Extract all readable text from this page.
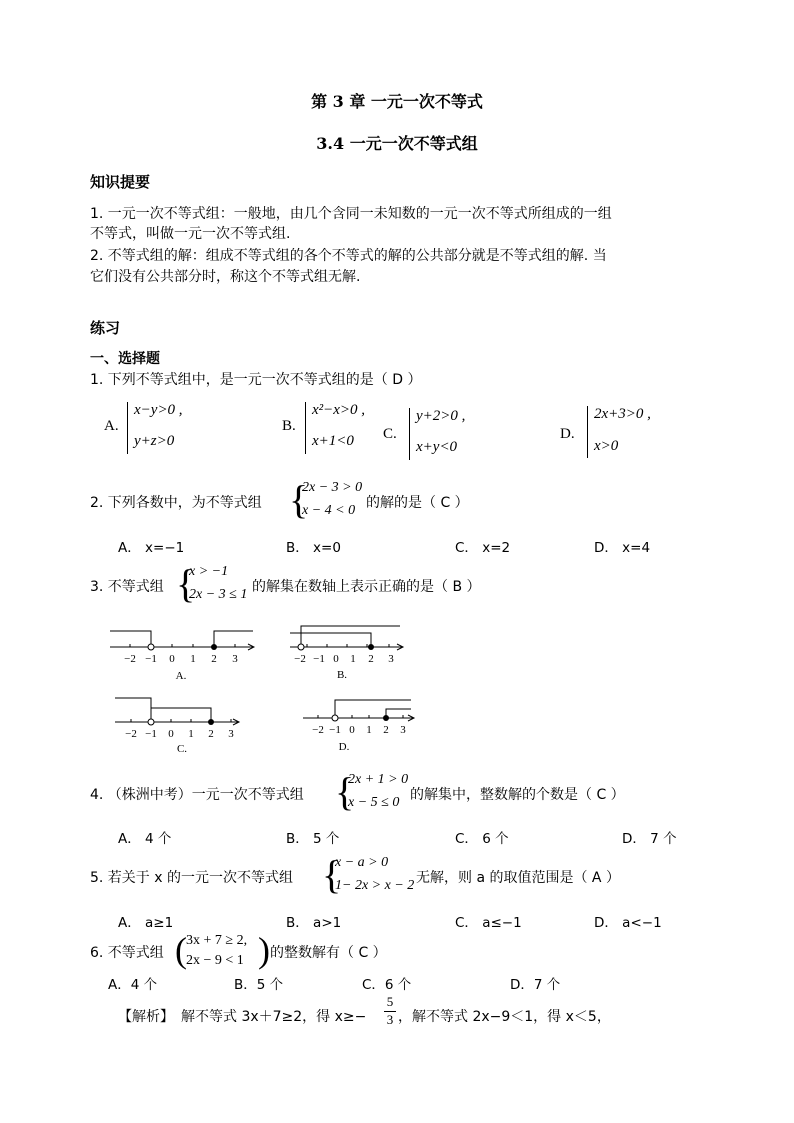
第 3 章 一元一次不等式
3.4 一元一次不等式组
知识提要
1. 一元一次不等式组：一般地，由几个含同一未知数的一元一次不等式所组成的一组
不等式，叫做一元一次不等式组.
2. 不等式组的解：组成不等式组的各个不等式的解的公共部分就是不等式组的解. 当
它们没有公共部分时，称这个不等式组无解.
练习
一、选择题
1. 下列不等式组中，是一元一次不等式组的是（ D ）
A.
x−y>0 ,
y+z>0
B.
x²−x>0 ,
x+1<0 C.
y+2>0 ,
x+y<0
D.
2x+3>0 ,
x>0
2. 下列各数中，为不等式组 {
2x − 3 > 0
x − 4 < 0 的解的是（ C ）
A． x=−1	B． x=0	C． x=2	D． x=4
3. 不等式组 {
x > −1
2x − 3 ≤ 1 的解集在数轴上表示正确的是（ B ）
−2 −1 0 1 2 3
A.
−2 −1 0 1 2 3
B.
−2 −1 0 1 2 3
C.
−2 −1 0 1 2 3
D.
4. （株洲中考）一元一次不等式组 {
2x + 1 > 0
x − 5 ≤ 0 的解集中，整数解的个数是（ C ）
A． 4 个	B． 5 个	C． 6 个	D． 7 个
5. 若关于 x 的一元一次不等式组 {
x − a > 0
1− 2x > x − 2 无解，则 a 的取值范围是（ A ）
A． a≥1	B． a>1	C． a≤−1	D． a<−1
6. 不等式组 ( 3x + 7 ≥ 2,
2x − 9 < 1 ) 的整数解有（ C ）
A．4 个	B．5 个	C．6 个	D．7 个
【解析】 解不等式 3x＋7≥2，得 $x\ge- \frac{5}{3}$ ，解不等式 2x−9＜1，得 x＜5，
